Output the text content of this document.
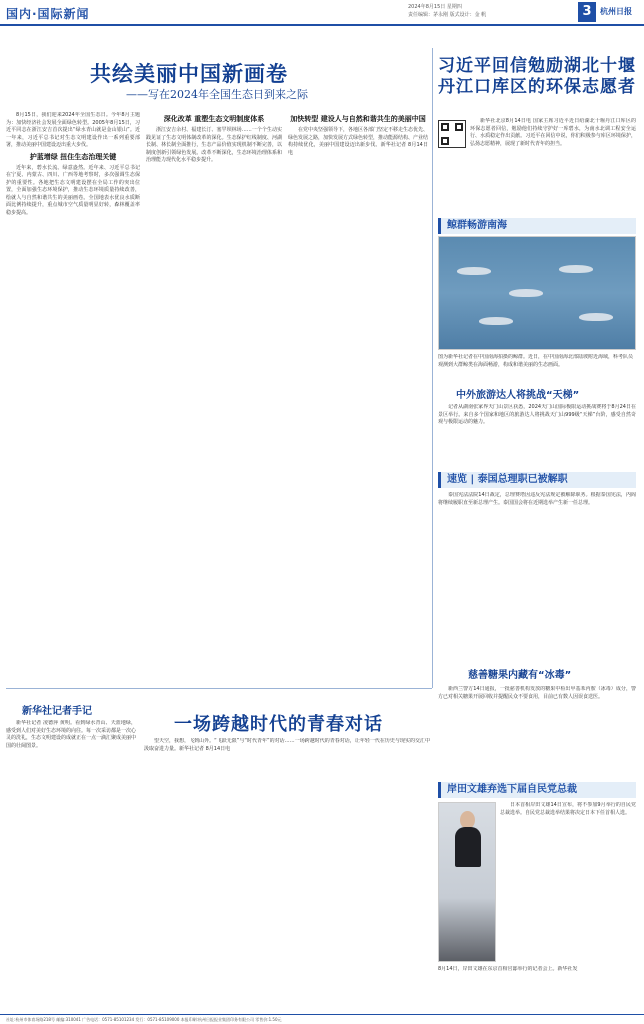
国内·国际新闻	2024年8月15日 星期四
责任编辑：茅永刚 版式设计：金 帆	3	杭州日报
共绘美丽中国新画卷
——写在2024年全国生态日到来之际

8月15日，我们迎来2024年全国生态日。今年8月主题为：加快经济社会发展全面绿色转型。2005年8月15日，习近平同志在浙江安吉首次提出“绿水青山就是金山银山”。近一年来，习近平总书记对生态文明建设作出一系列重要部署，推动美丽中国建设迈出重大步伐。

护蓝增绿 扭住生态治理关键

近年来，碧水长流、绿意盎然。近年来、习近平总书记在宁夏、内蒙古、四川、广西等地考察时，多次强调生态保护的重要性。各地把生态文明建设摆在全局工作的突出位置，全面加强生态环境保护，推动生态环境质量持续改善，绘就人与自然和谐共生的美丽画卷。全国地表水优良水质断面比例持续提升，重点城市空气质量明显好转，森林覆盖率稳步提高。

深化改革 重塑生态文明制度体系

浙江安吉余村、福建长汀、塞罕坝林场……一个个生动实践见证了生态文明体制改革的深化。生态保护红线制度、河湖长制、林长制全面推行，生态产品价值实现机制不断完善，以制度创新引领绿色发展。改革不断深化，生态环境治理体系和治理能力现代化水平稳步提升。

加快转型 建设人与自然和谐共生的美丽中国

在党中央坚强领导下，各地区各部门坚定不移走生态优先、绿色发展之路，加快发展方式绿色转型，推动能源结构、产业结构持续优化，美丽中国建设迈出新步伐。新华社记者 8月14日电

新华社记者手记

新华社记者 凌德萍 黄明。看到绿水青山、天蓝地绿，感受到人们对美好生态环境的向往。每一次采访都是一次心灵的洗礼，生态文明建设的成就正在一点一滴汇聚成美丽中国的壮阔图景。

一场跨越时代的青春对话

望天空，我想，飞到山外。“飞跃无限”与“时代青年”的对话……一场跨越时代的青春对话，让年轻一代在历史与现实的交汇中汲取奋进力量。新华社记者 8月14日电

习近平回信勉励湖北十堰丹江口库区的环保志愿者

新华社北京8月14日电 国家主席习近平近日给湖北十堰丹江口库区的环保志愿者回信，勉励他们持续守护好一库碧水，为南水北调工程安全运行、水质稳定作出贡献。习近平在回信中说，你们积极参与库区环境保护，弘扬志愿精神，展现了新时代青年的担当。

鲸群畅游南海
图为新华社记者在中国南海拍摄的鲸群。近日，在中国南海北部陆坡附近海域，科考队员观测到大群鲸类在海面畅游，构成和谐美丽的生态画面。
中外旅游达人将挑战“天梯”

记者从湖南张家界天门山景区获悉，2024天门山国际极限运动挑战赛将于8月24日在景区举行。来自多个国家和地区的旅游达人将挑战天门山999级“天梯”台阶，感受自然奇观与极限运动的魅力。

速览 | 泰国总理职已被解职

泰国宪法法院14日裁定，总理赛塔因违反宪法规定被解除职务。根据泰国宪法，内阁将继续履职直至新总理产生。泰国国会将在近期选举产生新一任总理。

慈善糖果内藏有“冰毒”

新西兰警方14日通报，一批慈善机构发放的糖果中检出甲基苯丙胺（冰毒）成分，警方已对相关糖果开展回收并提醒民众不要食用，目前已有数人因误食送医。

岸田文雄弃选下届自民党总裁

日本首相岸田文雄14日宣布，将不参加9月举行的自民党总裁选举。自民党总裁选举结果将决定日本下任首相人选。

8月14日，岸田文雄在东京首相官邸举行的记者会上。新华社发
社址:杭州市体育场路218号 邮编:310041 广告电话：0571-85101234 发行：0571-85109000 本报印刷:杭州日报报业集团印务有限公司 零售价:1.50元
